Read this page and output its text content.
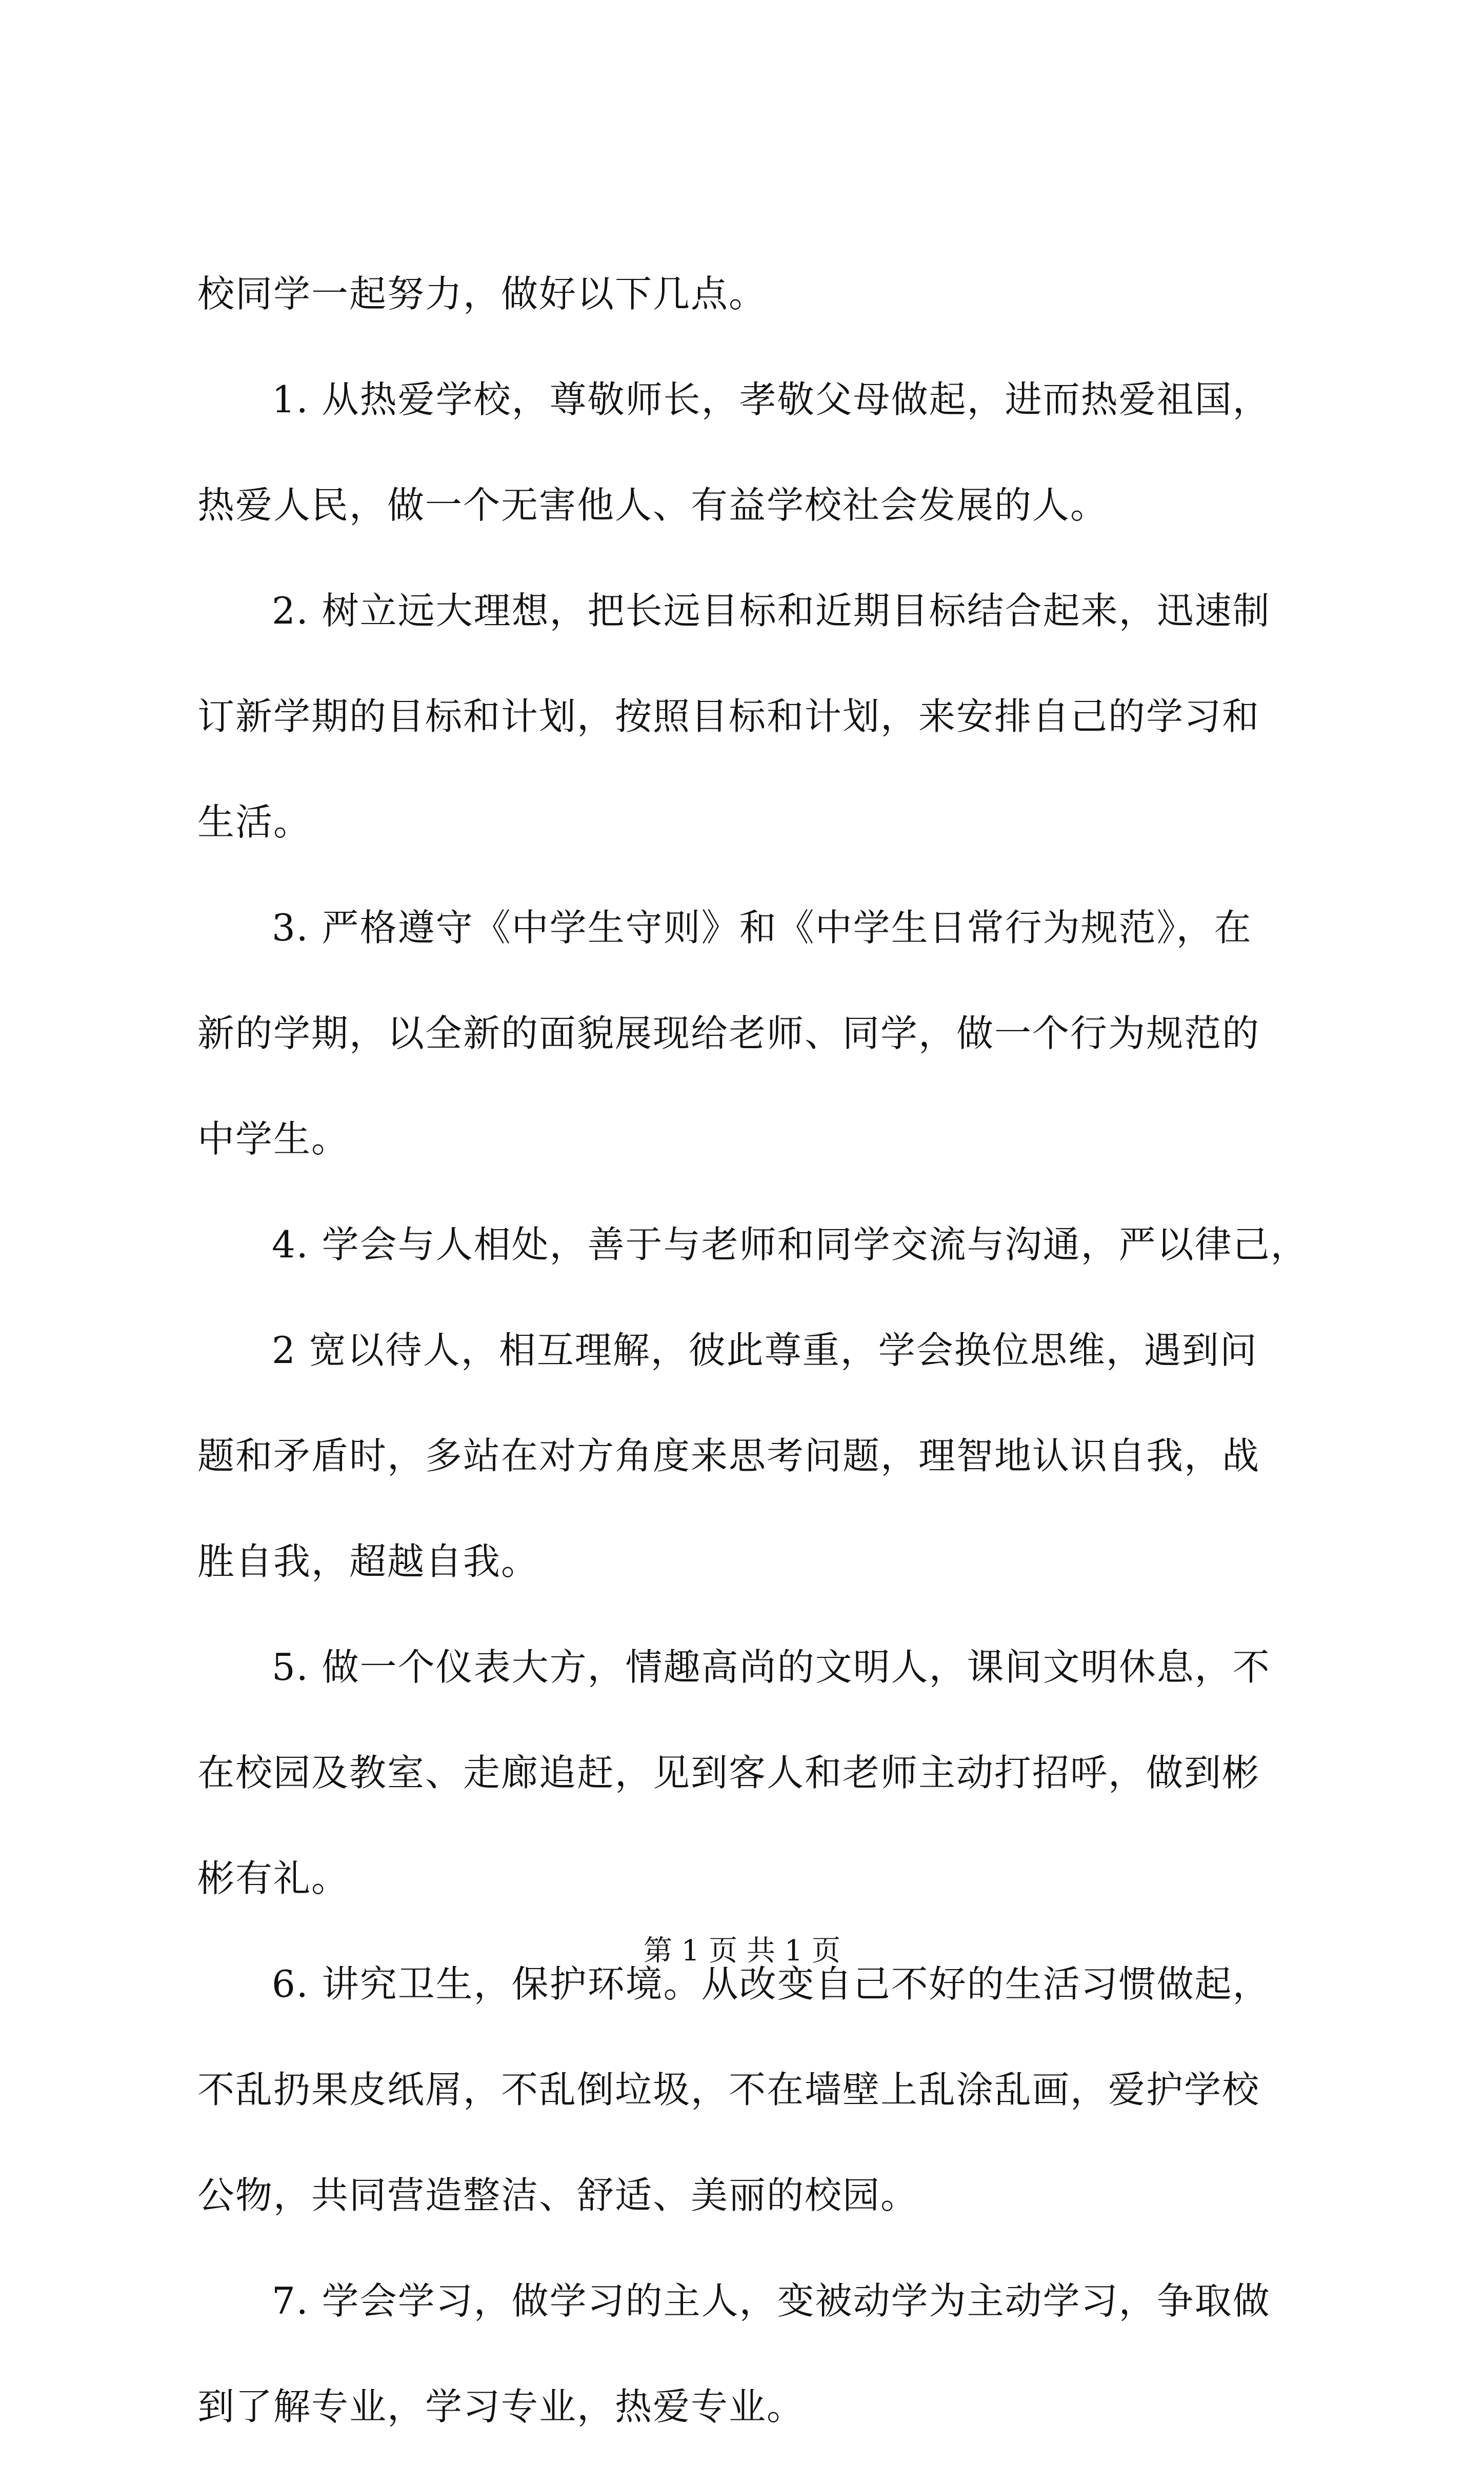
校同学一起努力，做好以下几点。
1. 从热爱学校，尊敬师长，孝敬父母做起，进而热爱祖国，
热爱人民，做一个无害他人、有益学校社会发展的人。
2. 树立远大理想，把长远目标和近期目标结合起来，迅速制
订新学期的目标和计划，按照目标和计划，来安排自己的学习和
生活。
3. 严格遵守《中学生守则》和《中学生日常行为规范》，在
新的学期，以全新的面貌展现给老师、同学，做一个行为规范的
中学生。
4. 学会与人相处，善于与老师和同学交流与沟通，严以律己，
2 宽以待人，相互理解，彼此尊重，学会换位思维，遇到问
题和矛盾时，多站在对方角度来思考问题，理智地认识自我，战
胜自我，超越自我。
5. 做一个仪表大方，情趣高尚的文明人，课间文明休息，不
在校园及教室、走廊追赶，见到客人和老师主动打招呼，做到彬
彬有礼。
6. 讲究卫生，保护环境。从改变自己不好的生活习惯做起，
不乱扔果皮纸屑，不乱倒垃圾，不在墙壁上乱涂乱画，爱护学校
公物，共同营造整洁、舒适、美丽的校园。
7. 学会学习，做学习的主人，变被动学为主动学习，争取做
到了解专业，学习专业，热爱专业。
第 1 页 共 1 页
